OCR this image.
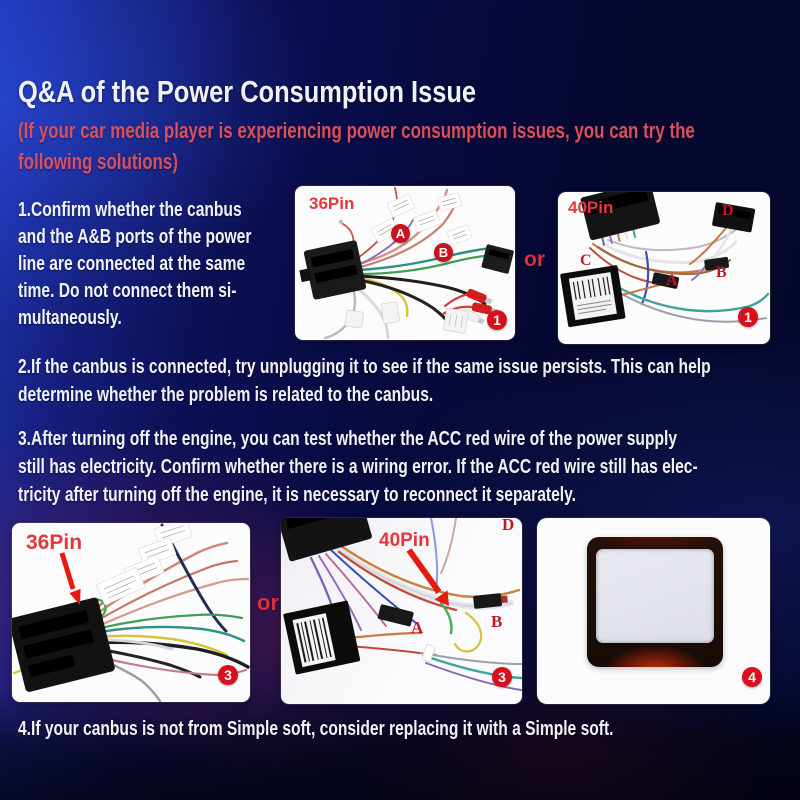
Q&A of the Power Consumption Issue
(If your car media player is experiencing power consumption issues, you can try the
following solutions)
1.Confirm whether the canbus
and the A&B ports of the power
line are connected at the same
time. Do not connect them si-
multaneously.
36Pin
A
B
1
or
40Pin
A B
C
D
1
2.If the canbus is connected, try unplugging it to see if the same issue persists. This can help
determine whether the problem is related to the canbus.
3.After turning off the engine, you can test whether the ACC red wire of the power supply
still has electricity. Confirm whether there is a wiring error. If the ACC red wire still has elec-
tricity after turning off the engine, it is necessary to reconnect it separately.
36Pin
3
or
40Pin
A	B
D
3	4
4.If your canbus is not from Simple soft, consider replacing it with a Simple soft.
